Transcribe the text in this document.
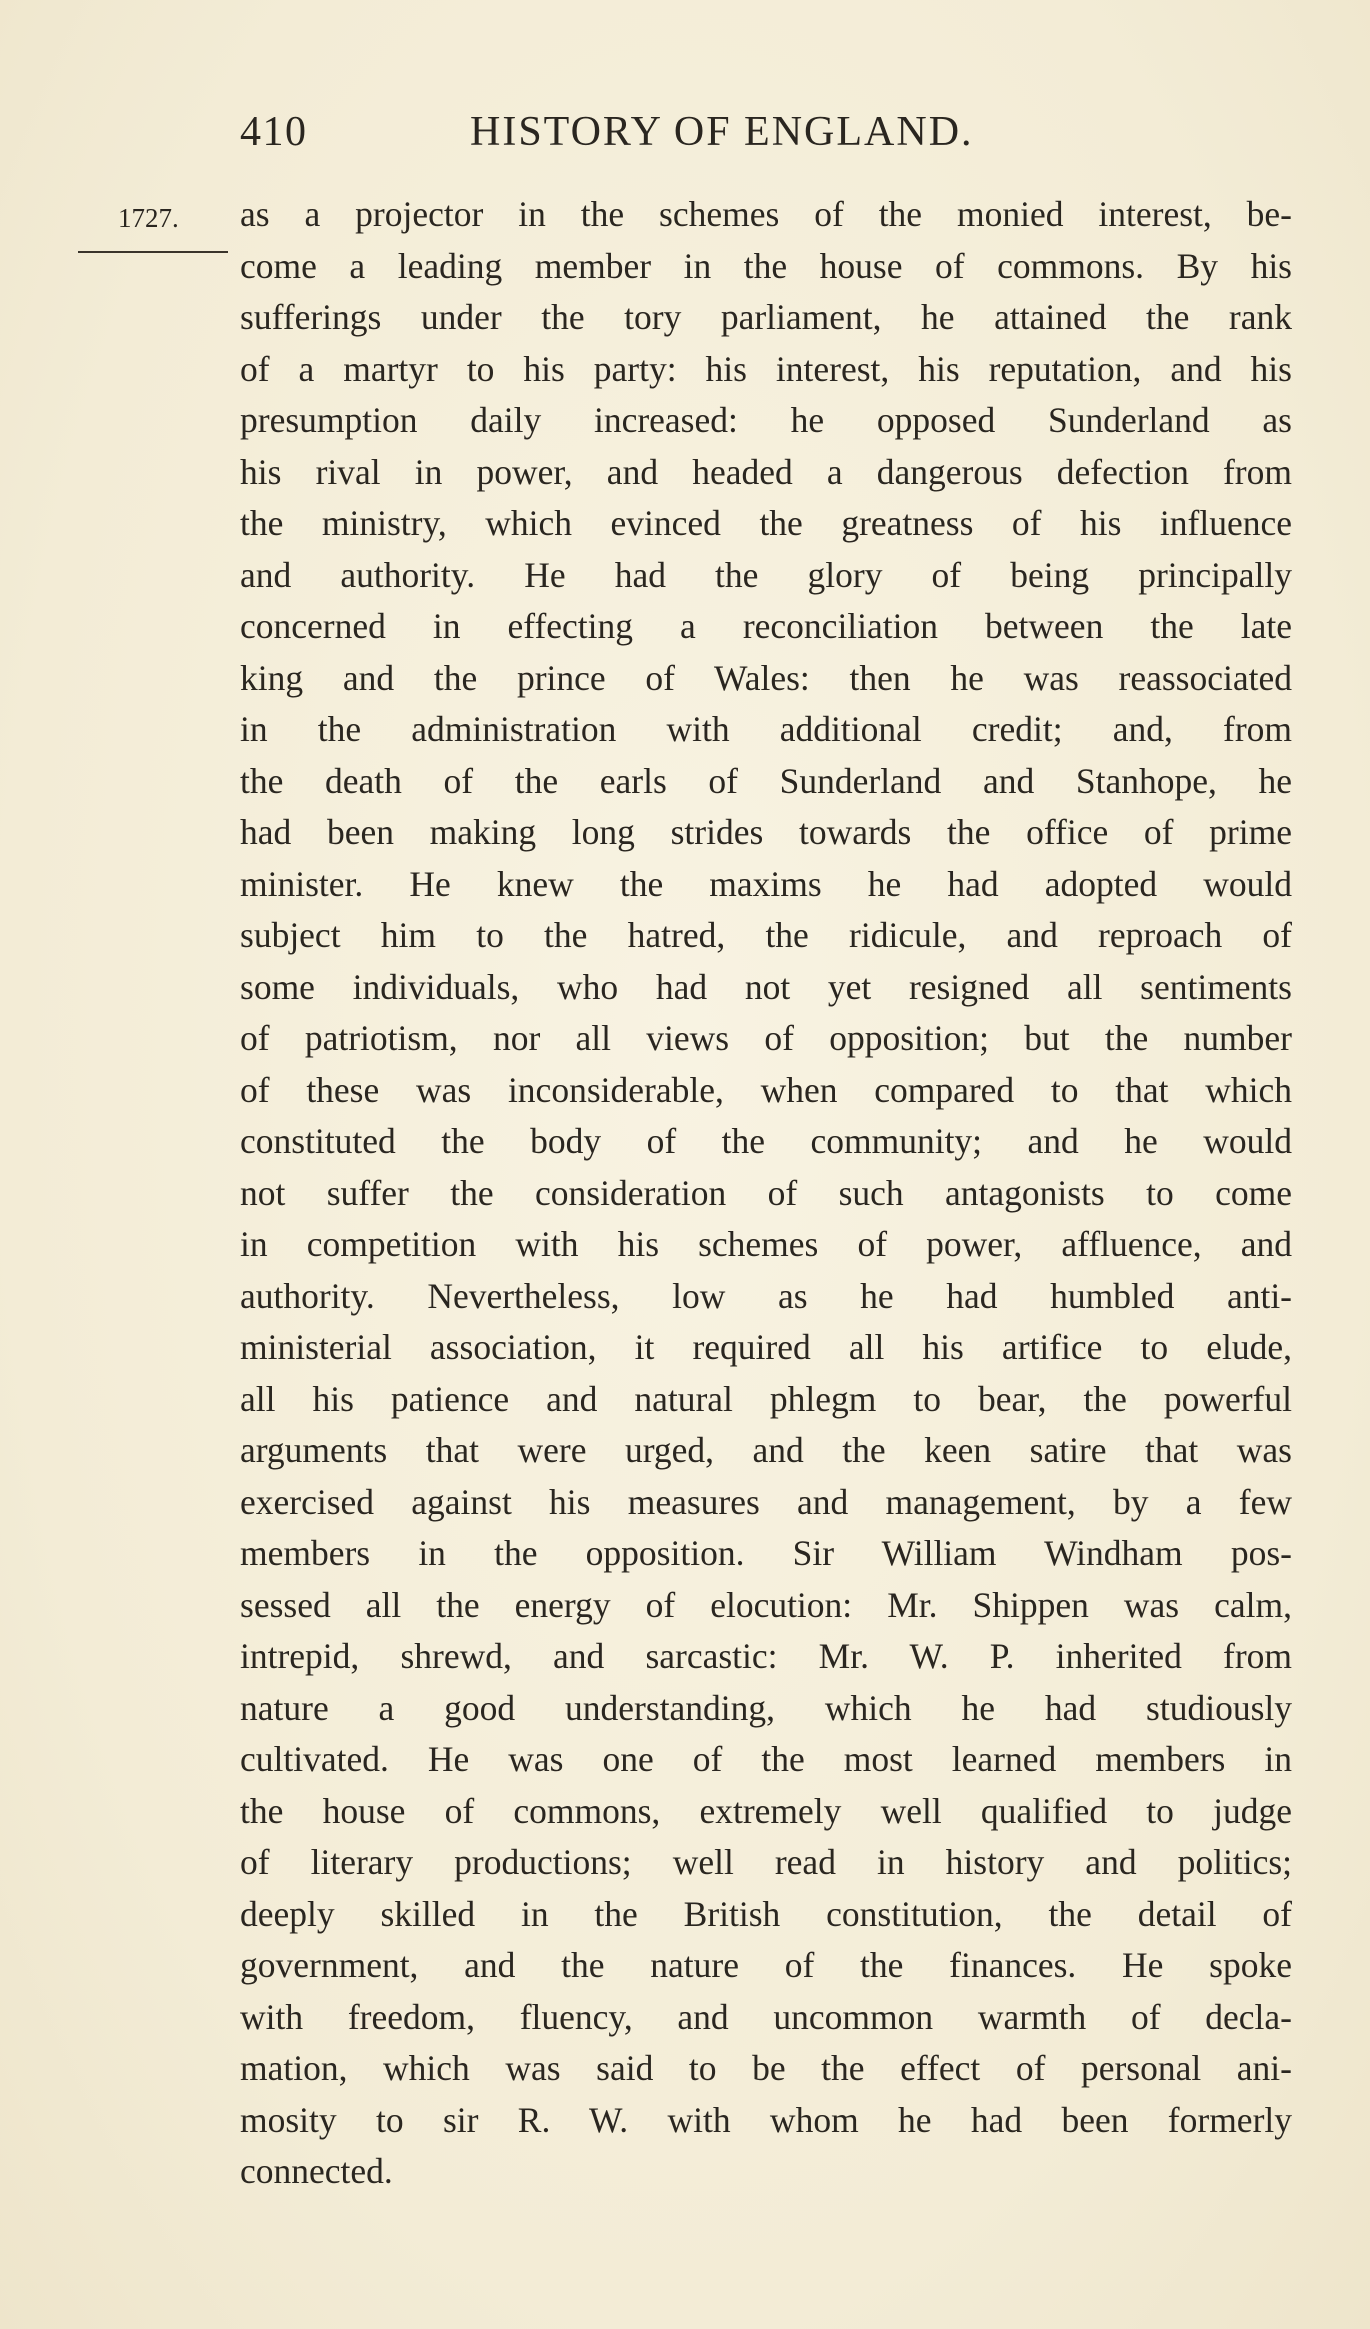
410	HISTORY OF ENGLAND.
1727. as a projector in the schemes of the monied interest, be-
come a leading member in the house of commons. By his
sufferings under the tory parliament, he attained the rank
of a martyr to his party: his interest, his reputation, and his
presumption daily increased: he opposed Sunderland as
his rival in power, and headed a dangerous defection from
the ministry, which evinced the greatness of his influence
and authority. He had the glory of being principally
concerned in effecting a reconciliation between the late
king and the prince of Wales: then he was reassociated
in the administration with additional credit; and, from
the death of the earls of Sunderland and Stanhope, he
had been making long strides towards the office of prime
minister. He knew the maxims he had adopted would
subject him to the hatred, the ridicule, and reproach of
some individuals, who had not yet resigned all sentiments
of patriotism, nor all views of opposition; but the number
of these was inconsiderable, when compared to that which
constituted the body of the community; and he would
not suffer the consideration of such antagonists to come
in competition with his schemes of power, affluence, and
authority. Nevertheless, low as he had humbled anti-
ministerial association, it required all his artifice to elude,
all his patience and natural phlegm to bear, the powerful
arguments that were urged, and the keen satire that was
exercised against his measures and management, by a few
members in the opposition. Sir William Windham pos-
sessed all the energy of elocution: Mr. Shippen was calm,
intrepid, shrewd, and sarcastic: Mr. W. P. inherited from
nature a good understanding, which he had studiously
cultivated. He was one of the most learned members in
the house of commons, extremely well qualified to judge
of literary productions; well read in history and politics;
deeply skilled in the British constitution, the detail of
government, and the nature of the finances. He spoke
with freedom, fluency, and uncommon warmth of decla-
mation, which was said to be the effect of personal ani-
mosity to sir R. W. with whom he had been formerly
connected.
